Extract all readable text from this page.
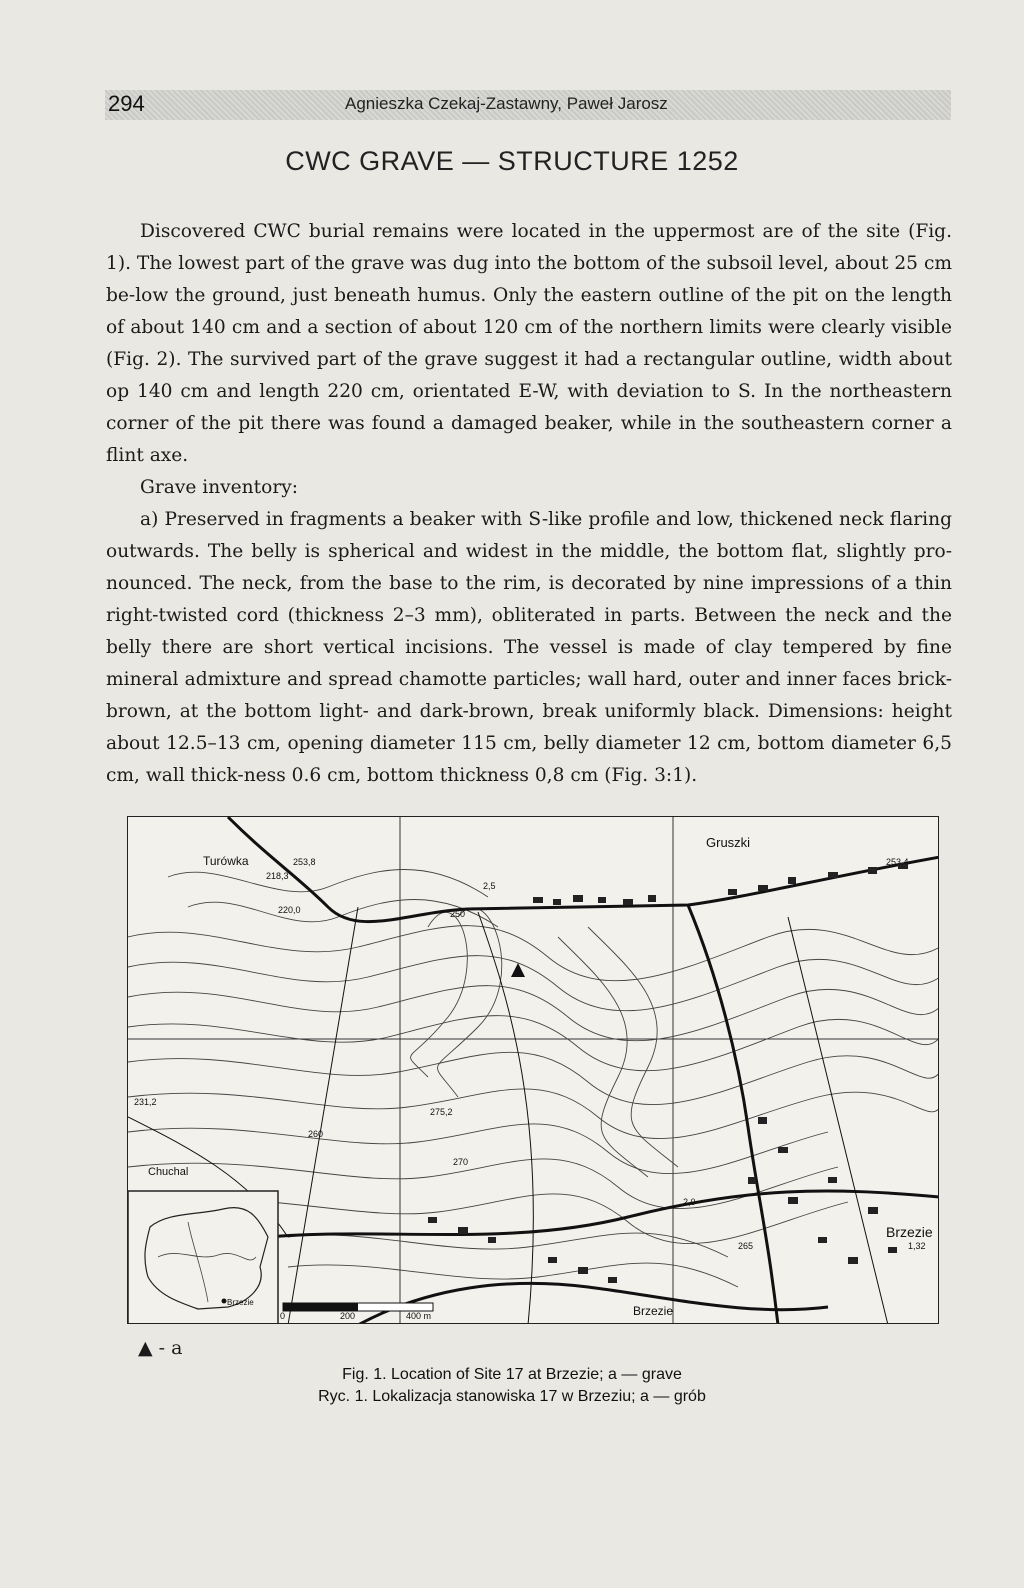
294	Agnieszka Czekaj-Zastawny, Paweł Jarosz
CWC GRAVE — STRUCTURE 1252

Discovered CWC burial remains were located in the uppermost are of the site (Fig. 1). The lowest part of the grave was dug into the bottom of the subsoil level, about 25 cm be-low the ground, just beneath humus. Only the eastern outline of the pit on the length of about 140 cm and a section of about 120 cm of the northern limits were clearly visible (Fig. 2). The survived part of the grave suggest it had a rectangular outline, width about op 140 cm and length 220 cm, orientated E-W, with deviation to S. In the northeastern corner of the pit there was found a damaged beaker, while in the southeastern corner a flint axe.

Grave inventory:

a) Preserved in fragments a beaker with S-like profile and low, thickened neck flaring outwards. The belly is spherical and widest in the middle, the bottom flat, slightly pro-nounced. The neck, from the base to the rim, is decorated by nine impressions of a thin right-twisted cord (thickness 2–3 mm), obliterated in parts. Between the neck and the belly there are short vertical incisions. The vessel is made of clay tempered by fine mineral admixture and spread chamotte particles; wall hard, outer and inner faces brick-brown, at the bottom light- and dark-brown, break uniformly black. Dimensions: height about 12.5–13 cm, opening diameter 115 cm, belly diameter 12 cm, bottom diameter 6,5 cm, wall thick-ness 0.6 cm, bottom thickness 0,8 cm (Fig. 3:1).

Turówka
Gruszki
Chuchal
Brzezie
Brzezie
253,8
218,3
220,0
231,2
275,2
250
270
260
265
253,4
2,5
2,0
1,32
Brzezie
0	200	400 m
▲ - a
Fig. 1. Location of Site 17 at Brzezie; a — grave
Ryc. 1. Lokalizacja stanowiska 17 w Brzeziu; a — grób
